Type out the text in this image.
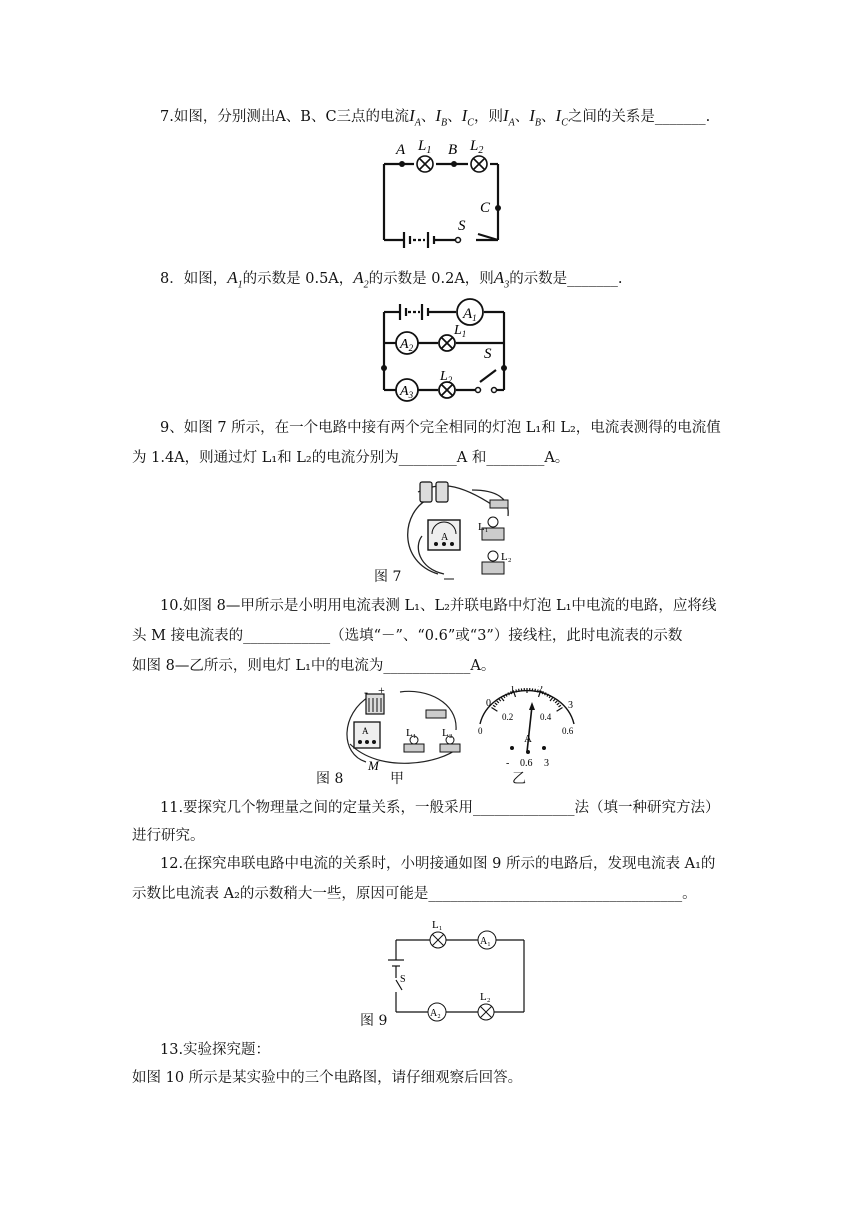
7.如图，分别测出A、B、C三点的电流$I_A$、$I_B$、$I_C$，则$I_A$、$I_B$、$I_C$之间的关系是_______.
A $L_1$ B $L_2$
C
S
8．如图，$A_1$的示数是 0.5A，$A_2$的示数是 0.2A，则$A_3$的示数是_______.
$A_1$
$A_2$
$A_3$
$L_1$
$L_2$
S
9、如图 7 所示，在一个电路中接有两个完全相同的灯泡 L₁和 L₂，电流表测得的电流值
为 1.4A，则通过灯 L₁和 L₂的电流分别为________A 和________A。
A
L₁
L₂
图 7
10.如图 8—甲所示是小明用电流表测 L₁、L₂并联电路中灯泡 L₁中电流的电路，应将线
头 M 接电流表的____________（选填“－”、“0.6”或“3”）接线柱，此时电流表的示数
如图 8—乙所示，则电灯 L₁中的电流为____________A。
- +
A	L₁ L₂
M
0
1 2
3
0
0.2	0.4
0.6
A
- 0.6 3
图 8	甲	乙
11.要探究几个物理量之间的定量关系，一般采用______________法（填一种研究方法）
进行研究。
12.在探究串联电路中电流的关系时，小明接通如图 9 所示的电路后，发现电流表 A₁的
示数比电流表 A₂的示数稍大一些，原因可能是___________________________________。
L₁
A₁
A₂
L₂
S
图 9
13.实验探究题：
如图 10 所示是某实验中的三个电路图，请仔细观察后回答。
